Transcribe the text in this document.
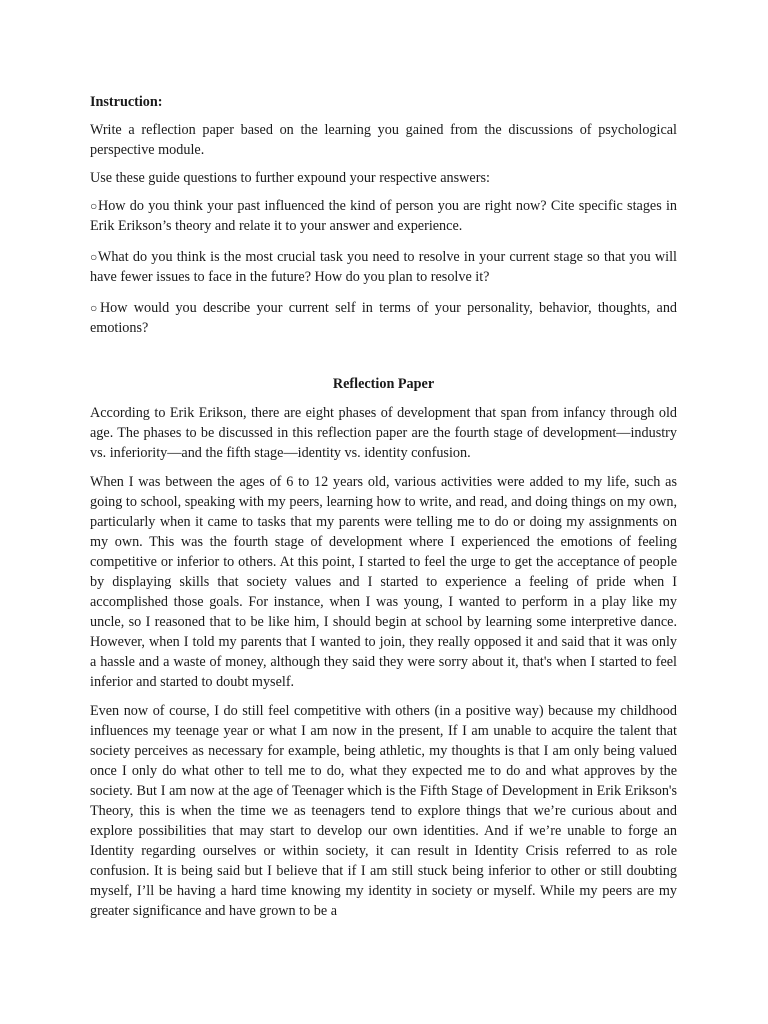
Instruction:
Write a reflection paper based on the learning you gained from the discussions of psychological perspective module.
Use these guide questions to further expound your respective answers:
○How do you think your past influenced the kind of person you are right now? Cite specific stages in Erik Erikson’s theory and relate it to your answer and experience.
○What do you think is the most crucial task you need to resolve in your current stage so that you will have fewer issues to face in the future? How do you plan to resolve it?
○How would you describe your current self in terms of your personality, behavior, thoughts, and emotions?
Reflection Paper
According to Erik Erikson, there are eight phases of development that span from infancy through old age. The phases to be discussed in this reflection paper are the fourth stage of development—industry vs. inferiority—and the fifth stage—identity vs. identity confusion.
When I was between the ages of 6 to 12 years old, various activities were added to my life, such as going to school, speaking with my peers, learning how to write, and read, and doing things on my own, particularly when it came to tasks that my parents were telling me to do or doing my assignments on my own. This was the fourth stage of development where I experienced the emotions of feeling competitive or inferior to others. At this point, I started to feel the urge to get the acceptance of people by displaying skills that society values and I started to experience a feeling of pride when I accomplished those goals. For instance, when I was young, I wanted to perform in a play like my uncle, so I reasoned that to be like him, I should begin at school by learning some interpretive dance. However, when I told my parents that I wanted to join, they really opposed it and said that it was only a hassle and a waste of money, although they said they were sorry about it, that's when I started to feel inferior and started to doubt myself.
Even now of course, I do still feel competitive with others (in a positive way) because my childhood influences my teenage year or what I am now in the present, If I am unable to acquire the talent that society perceives as necessary for example, being athletic, my thoughts is that I am only being valued once I only do what other to tell me to do, what they expected me to do and what approves by the society. But I am now at the age of Teenager which is the Fifth Stage of Development in Erik Erikson's Theory, this is when the time we as teenagers tend to explore things that we’re curious about and explore possibilities that may start to develop our own identities. And if we’re unable to forge an Identity regarding ourselves or within society, it can result in Identity Crisis referred to as role confusion. It is being said but I believe that if I am still stuck being inferior to other or still doubting myself, I’ll be having a hard time knowing my identity in society or myself. While my peers are my greater significance and have grown to be a
